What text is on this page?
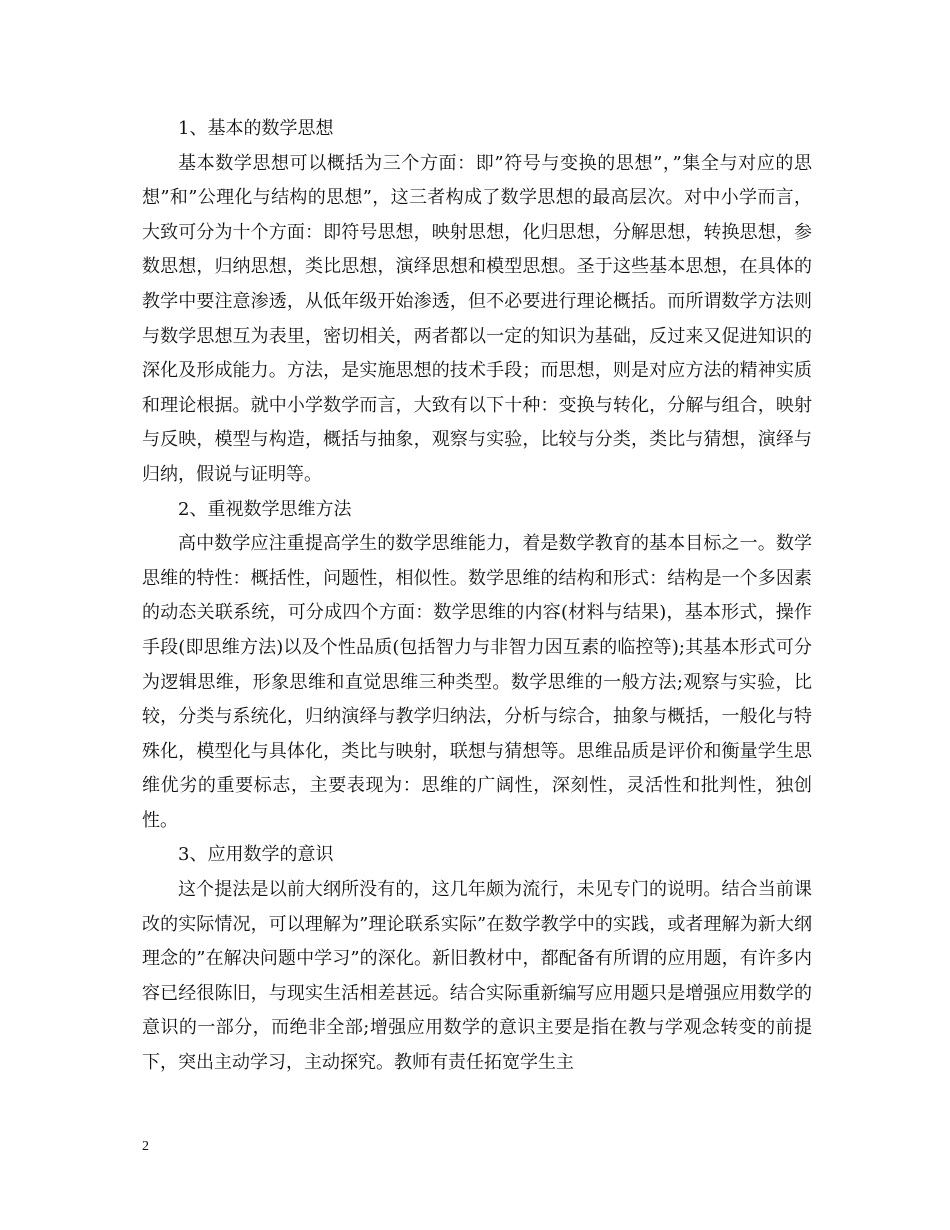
1、基本的数学思想

基本数学思想可以概括为三个方面：即”符号与变换的思想”，”集全与对应的思想”和”公理化与结构的思想”，这三者构成了数学思想的最高层次。对中小学而言，大致可分为十个方面：即符号思想，映射思想，化归思想，分解思想，转换思想，参数思想，归纳思想，类比思想，演绎思想和模型思想。圣于这些基本思想，在具体的教学中要注意渗透，从低年级开始渗透，但不必要进行理论概括。而所谓数学方法则与数学思想互为表里，密切相关，两者都以一定的知识为基础，反过来又促进知识的深化及形成能力。方法，是实施思想的技术手段；而思想，则是对应方法的精神实质和理论根据。就中小学数学而言，大致有以下十种：变换与转化，分解与组合，映射与反映，模型与构造，概括与抽象，观察与实验，比较与分类，类比与猜想，演绎与归纳，假说与证明等。

2、重视数学思维方法

高中数学应注重提高学生的数学思维能力，着是数学教育的基本目标之一。数学思维的特性：概括性，问题性，相似性。数学思维的结构和形式：结构是一个多因素的动态关联系统，可分成四个方面：数学思维的内容(材料与结果)，基本形式，操作手段(即思维方法)以及个性品质(包括智力与非智力因互素的临控等);其基本形式可分为逻辑思维，形象思维和直觉思维三种类型。数学思维的一般方法;观察与实验，比较，分类与系统化，归纳演绎与教学归纳法，分析与综合，抽象与概括，一般化与特殊化，模型化与具体化，类比与映射，联想与猜想等。思维品质是评价和衡量学生思维优劣的重要标志，主要表现为：思维的广阔性，深刻性，灵活性和批判性，独创性。

3、应用数学的意识

这个提法是以前大纲所没有的，这几年颇为流行，未见专门的说明。结合当前课改的实际情况，可以理解为”理论联系实际”在数学教学中的实践，或者理解为新大纲理念的”在解决问题中学习”的深化。新旧教材中，都配备有所谓的应用题，有许多内容已经很陈旧，与现实生活相差甚远。结合实际重新编写应用题只是增强应用数学的意识的一部分，而绝非全部;增强应用数学的意识主要是指在教与学观念转变的前提下，突出主动学习，主动探究。教师有责任拓宽学生主

2
